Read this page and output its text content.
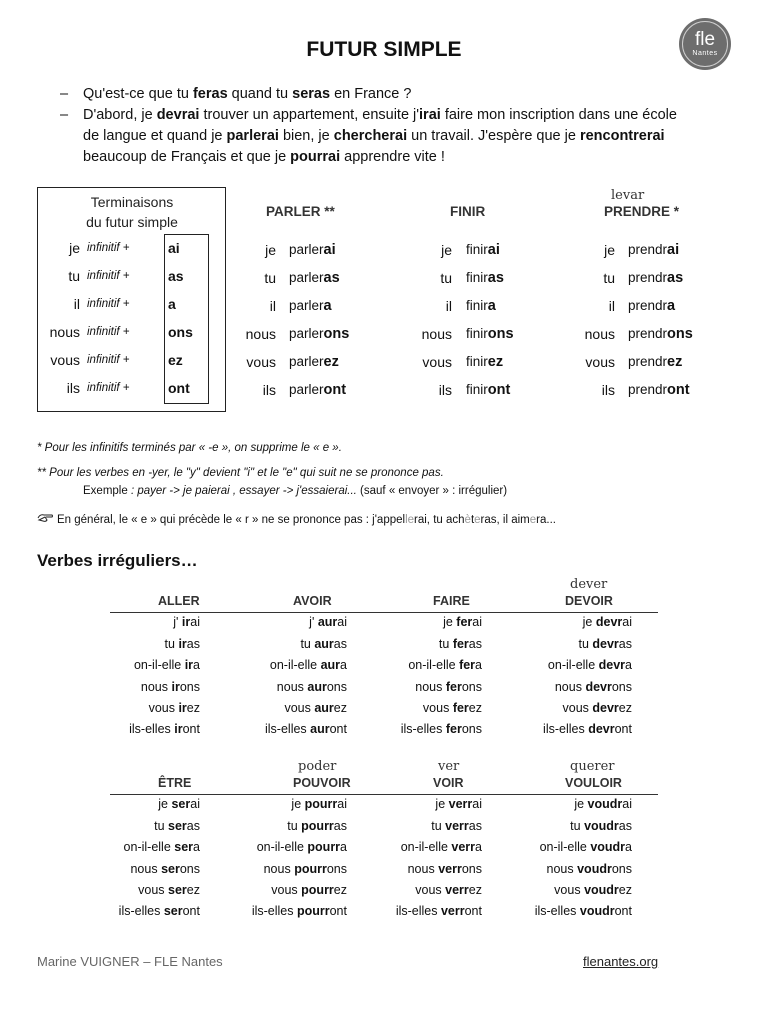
FUTUR SIMPLE	fle
Nantes
– Qu'est-ce que tu feras quand tu seras en France ?
– D'abord, je devrai trouver un appartement, ensuite j'irai faire mon inscription dans une école
de langue et quand je parlerai bien, je chercherai un travail. J'espère que je rencontrerai
beaucoup de Français et que je pourrai apprendre vite !
Terminaisons
du futur simple
je infinitif +	ai
tu infinitif +	as
il infinitif +	a
nous infinitif +	ons
vous infinitif +	ez
ils infinitif +	ont
PARLER **
je parlerai
tu parleras
il parlera
nous parlerons
vous parlerez
ils parleront
FINIR
je finirai
tu finiras
il finira
nous finirons
vous finirez
ils finiront
PRENDRE *
levar
je prendrai
tu prendras
il prendra
nous prendrons
vous prendrez
ils prendront
* Pour les infinitifs terminés par « -e », on supprime le « e ».
** Pour les verbes en -yer, le "y" devient "i" et le "e" qui suit ne se prononce pas.
Exemple : payer -> je paierai , essayer -> j'essaierai... (sauf « envoyer » : irrégulier)
En général, le « e » qui précède le « r » ne se prononce pas : j'appellerai, tu achèteras, il aimera...
Verbes irréguliers…
ALLER
j' irai
tu iras
on-il-elle ira
nous irons
vous irez
ils-elles iront
AVOIR
j' aurai
tu auras
on-il-elle aura
nous aurons
vous aurez
ils-elles auront
FAIRE
je ferai
tu feras
on-il-elle fera
nous ferons
vous ferez
ils-elles ferons
DEVOIR
dever
je devrai
tu devras
on-il-elle devra
nous devrons
vous devrez
ils-elles devront
ÊTRE
je serai
tu seras
on-il-elle sera
nous serons
vous serez
ils-elles seront
POUVOIR
poder
je pourrai
tu pourras
on-il-elle pourra
nous pourrons
vous pourrez
ils-elles pourront
VOIR
ver
je verrai
tu verras
on-il-elle verra
nous verrons
vous verrez
ils-elles verront
VOULOIR
querer
je voudrai
tu voudras
on-il-elle voudra
nous voudrons
vous voudrez
ils-elles voudront
Marine VUIGNER – FLE Nantes	flenantes.org
